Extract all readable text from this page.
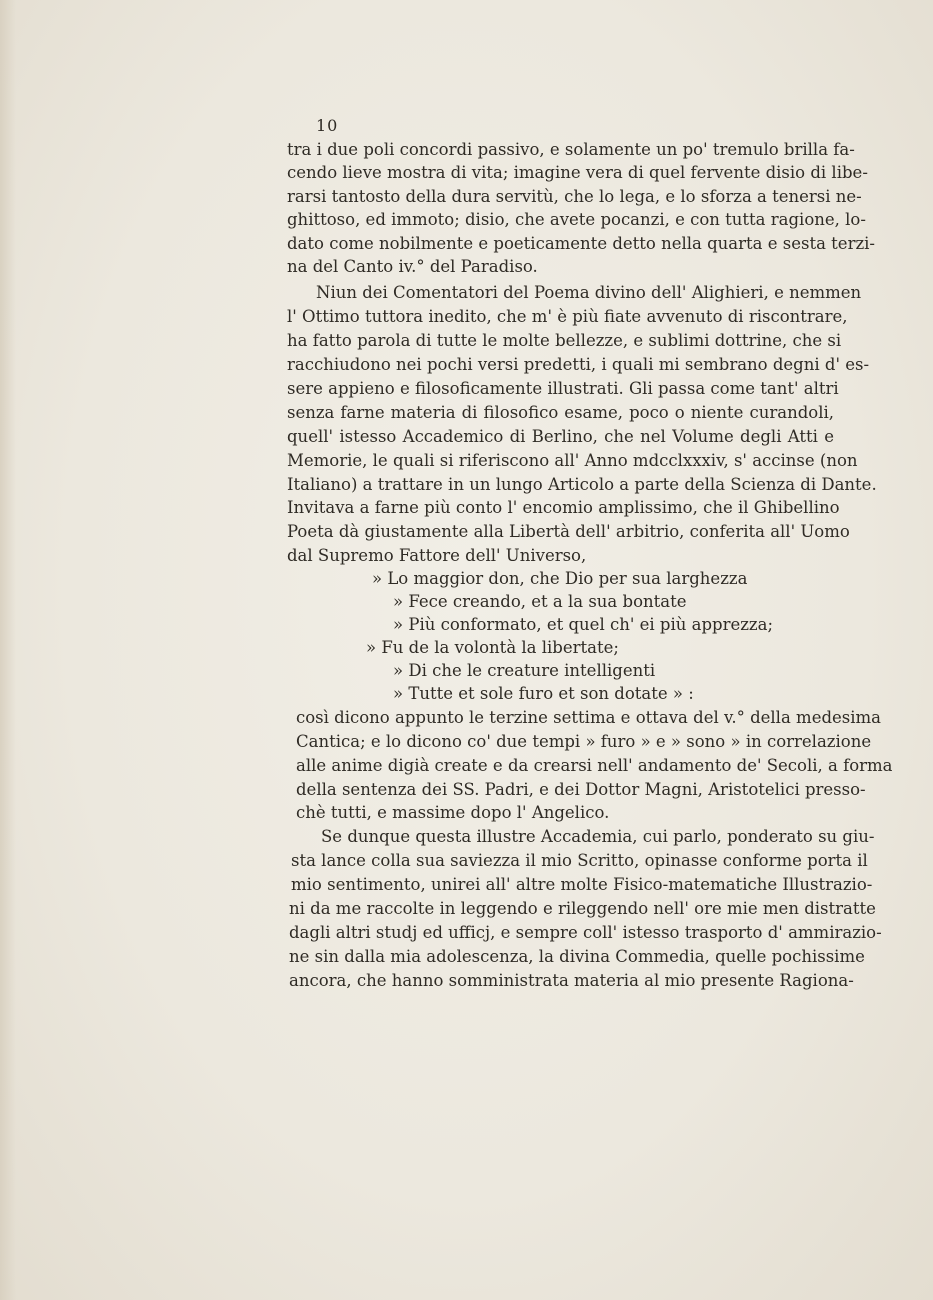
10
tra i due poli concordi passivo, e solamente un po' tremulo brilla fa-
cendo lieve mostra di vita; imagine vera di quel fervente disio di libe-
rarsi tantosto della dura servitù, che lo lega, e lo sforza a tenersi ne-
ghittoso, ed immoto; disio, che avete pocanzi, e con tutta ragione, lo-
dato come nobilmente e poeticamente detto nella quarta e sesta terzi-
na del Canto iv.° del Paradiso.
Niun dei Comentatori del Poema divino dell' Alighieri, e nemmen
l' Ottimo tuttora inedito, che m' è più fiate avvenuto di riscontrare,
ha fatto parola di tutte le molte bellezze, e sublimi dottrine, che si
racchiudono nei pochi versi predetti, i quali mi sembrano degni d' es-
sere appieno e filosoficamente illustrati. Gli passa come tant' altri
senza farne materia di filosofico esame, poco o niente curandoli,
quell' istesso Accademico di Berlino, che nel Volume degli Atti e
Memorie, le quali si riferiscono all' Anno mdcclxxxiv, s' accinse (non
Italiano) a trattare in un lungo Articolo a parte della Scienza di Dante.
Invitava a farne più conto l' encomio amplissimo, che il Ghibellino
Poeta dà giustamente alla Libertà dell' arbitrio, conferita all' Uomo
dal Supremo Fattore dell' Universo,
» Lo maggior don, che Dio per sua larghezza
» Fece creando, et a la sua bontate
» Più conformato, et quel ch' ei più apprezza;
» Fu de la volontà la libertate;
» Di che le creature intelligenti
» Tutte et sole furo et son dotate » :
così dicono appunto le terzine settima e ottava del v.° della medesima
Cantica; e lo dicono co' due tempi » furo » e » sono » in correlazione
alle anime digià create e da crearsi nell' andamento de' Secoli, a forma
della sentenza dei SS. Padri, e dei Dottor Magni, Aristotelici presso-
chè tutti, e massime dopo l' Angelico.
Se dunque questa illustre Accademia, cui parlo, ponderato su giu-
sta lance colla sua saviezza il mio Scritto, opinasse conforme porta il
mio sentimento, unirei all' altre molte Fisico-matematiche Illustrazio-
ni da me raccolte in leggendo e rileggendo nell' ore mie men distratte
dagli altri studj ed ufficj, e sempre coll' istesso trasporto d' ammirazio-
ne sin dalla mia adolescenza, la divina Commedia, quelle pochissime
ancora, che hanno somministrata materia al mio presente Ragiona-
